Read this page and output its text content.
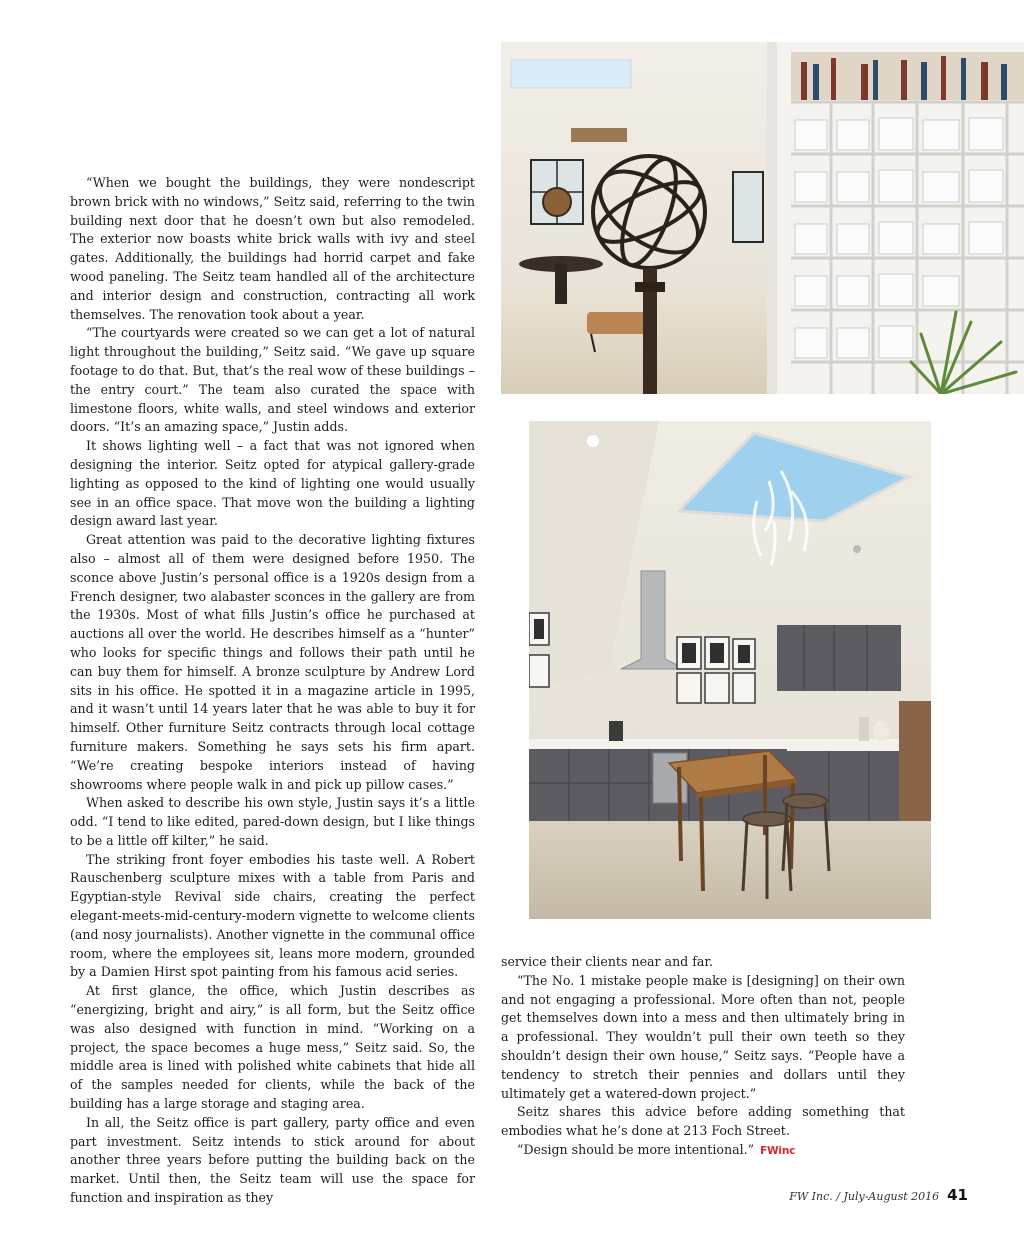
“When we bought the buildings, they were nondescript brown brick with no windows,” Seitz said, referring to the twin building next door that he doesn’t own but also remodeled. The exterior now boasts white brick walls with ivy and steel gates. Additionally, the buildings had horrid carpet and fake wood paneling. The Seitz team handled all of the architecture and interior design and construction, contracting all work themselves. The renovation took about a year.

“The courtyards were created so we can get a lot of natural light throughout the building,” Seitz said. “We gave up square footage to do that. But, that’s the real wow of these buildings – the entry court.” The team also curated the space with limestone floors, white walls, and steel windows and exterior doors. “It’s an amazing space,” Justin adds.

It shows lighting well – a fact that was not ignored when designing the interior. Seitz opted for atypical gallery-grade lighting as opposed to the kind of lighting one would usually see in an office space. That move won the building a lighting design award last year.

Great attention was paid to the decorative lighting fixtures also – almost all of them were designed before 1950. The sconce above Justin’s personal office is a 1920s design from a French designer, two alabaster sconces in the gallery are from the 1930s. Most of what fills Justin’s office he purchased at auctions all over the world. He describes himself as a “hunter” who looks for specific things and follows their path until he can buy them for himself. A bronze sculpture by Andrew Lord sits in his office. He spotted it in a magazine article in 1995, and it wasn’t until 14 years later that he was able to buy it for himself. Other furniture Seitz contracts through local cottage furniture makers. Something he says sets his firm apart. “We’re creating bespoke interiors instead of having showrooms where people walk in and pick up pillow cases.”

When asked to describe his own style, Justin says it’s a little odd. “I tend to like edited, pared-down design, but I like things to be a little off kilter,” he said.

The striking front foyer embodies his taste well. A Robert Rauschenberg sculpture mixes with a table from Paris and Egyptian-style Revival side chairs, creating the perfect elegant-meets-mid-century-modern vignette to welcome clients (and nosy journalists). Another vignette in the communal office room, where the employees sit, leans more modern, grounded by a Damien Hirst spot painting from his famous acid series.

At first glance, the office, which Justin describes as “energizing, bright and airy,” is all form, but the Seitz office was also designed with function in mind. “Working on a project, the space becomes a huge mess,” Seitz said. So, the middle area is lined with polished white cabinets that hide all of the samples needed for clients, while the back of the building has a large storage and staging area.

In all, the Seitz office is part gallery, party office and even part investment. Seitz intends to stick around for about another three years before putting the building back on the market. Until then, the Seitz team will use the space for function and inspiration as they

service their clients near and far.

“The No. 1 mistake people make is [designing] on their own and not engaging a professional. More often than not, people get themselves down into a mess and then ultimately bring in a professional. They wouldn’t pull their own teeth so they shouldn’t design their own house,” Seitz says. “People have a tendency to stretch their pennies and dollars until they ultimately get a watered-down project.”

Seitz shares this advice before adding something that embodies what he’s done at 213 Foch Street.

“Design should be more intentional.” FWinc

FW Inc. / July-August 2016 41
